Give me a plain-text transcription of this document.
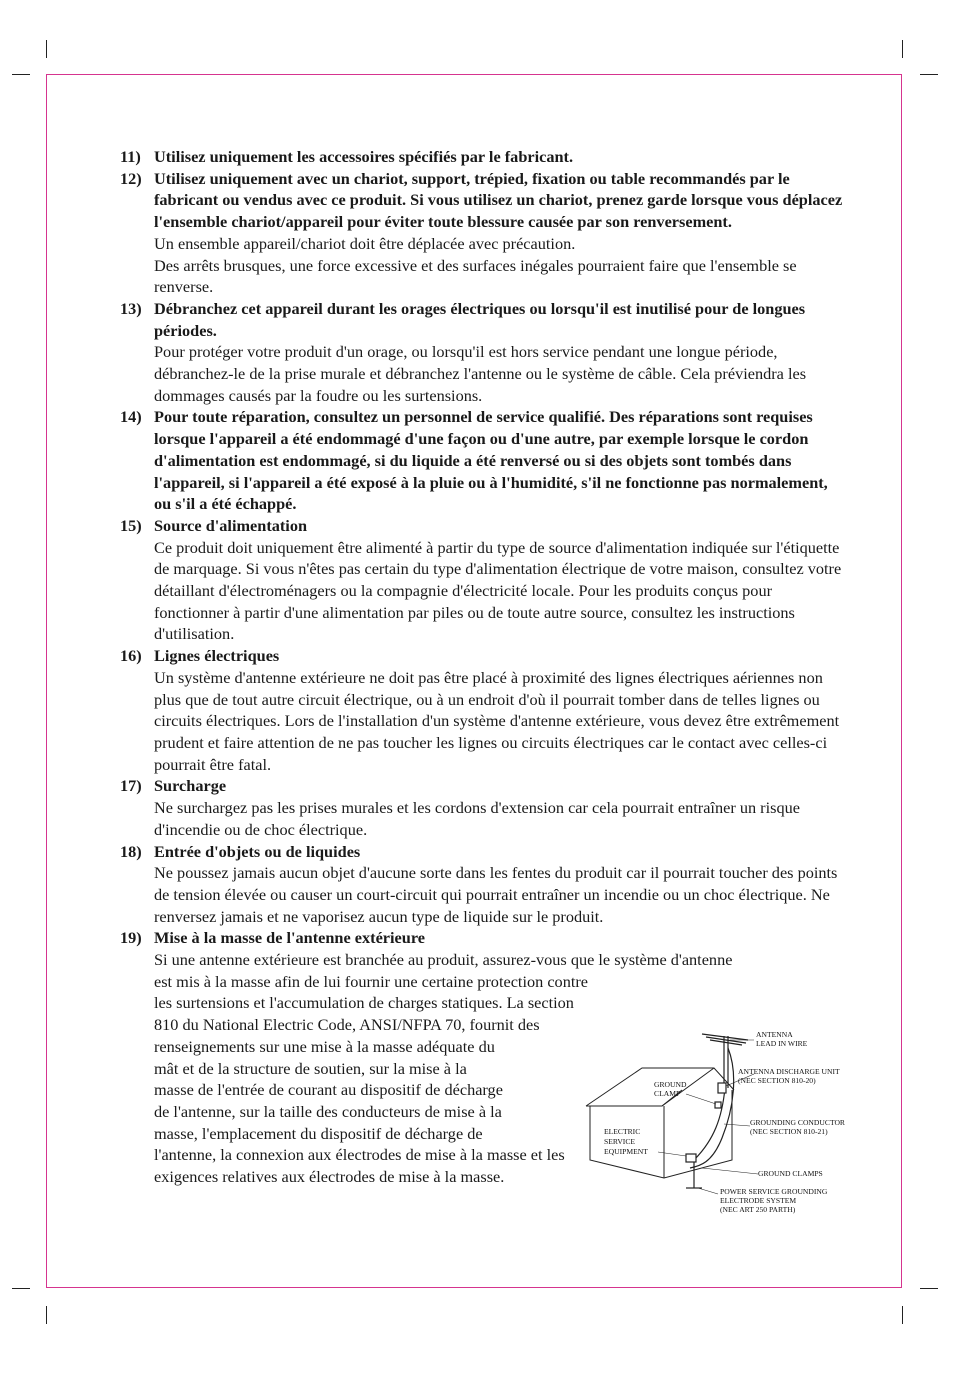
11) Utilisez uniquement les accessoires spécifiés par le fabricant.
12) Utilisez uniquement avec un chariot, support, trépied, fixation ou table recommandés par le fabricant ou vendus avec ce produit. Si vous utilisez un chariot, prenez garde lorsque vous déplacez l'ensemble chariot/appareil pour éviter toute blessure causée par son renversement.
Un ensemble appareil/chariot doit être déplacée avec précaution.
Des arrêts brusques, une force excessive et des surfaces inégales pourraient faire que l'ensemble se renverse.
13) Débranchez cet appareil durant les orages électriques ou lorsqu'il est inutilisé pour de longues périodes.
Pour protéger votre produit d'un orage, ou lorsqu'il est hors service pendant une longue période, débranchez-le de la prise murale et débranchez l'antenne ou le système de câble. Cela préviendra les dommages causés par la foudre ou les surtensions.
14) Pour toute réparation, consultez un personnel de service qualifié. Des réparations sont requises lorsque l'appareil a été endommagé d'une façon ou d'une autre, par exemple lorsque le cordon d'alimentation est endommagé, si du liquide a été renversé ou si des objets sont tombés dans l'appareil, si l'appareil a été exposé à la pluie ou à l'humidité, s'il ne fonctionne pas normalement, ou s'il a été échappé.
15) Source d'alimentation
Ce produit doit uniquement être alimenté à partir du type de source d'alimentation indiquée sur l'étiquette de marquage. Si vous n'êtes pas certain du type d'alimentation électrique de votre maison, consultez votre détaillant d'électroménagers ou la compagnie d'électricité locale. Pour les produits conçus pour fonctionner à partir d'une alimentation par piles ou de toute autre source, consultez les instructions d'utilisation.
16) Lignes électriques
Un système d'antenne extérieure ne doit pas être placé à proximité des lignes électriques aériennes non plus que de tout autre circuit électrique, ou à un endroit d'où il pourrait tomber dans de telles lignes ou circuits électriques. Lors de l'installation d'un système d'antenne extérieure, vous devez être extrêmement prudent et faire attention de ne pas toucher les lignes ou circuits électriques car le contact avec celles-ci pourrait être fatal.
17) Surcharge
Ne surchargez pas les prises murales et les cordons d'extension car cela pourrait entraîner un risque d'incendie ou de choc électrique.
18) Entrée d'objets ou de liquides
Ne poussez jamais aucun objet d'aucune sorte dans les fentes du produit car il pourrait toucher des points de tension élevée ou causer un court-circuit qui pourrait entraîner un incendie ou un choc électrique. Ne renversez jamais et ne vaporisez aucun type de liquide sur le produit.
19) Mise à la masse de l'antenne extérieure
Si une antenne extérieure est branchée au produit, assurez-vous que le système d'antenne
est mis à la masse afin de lui fournir une certaine protection contre
les surtensions et l'accumulation de charges statiques. La section
810 du National Electric Code, ANSI/NFPA 70, fournit des
renseignements sur une mise à la masse adéquate du
mât et de la structure de soutien, sur la mise à la
masse de l'entrée de courant au dispositif de décharge
de l'antenne, sur la taille des conducteurs de mise à la
masse, l'emplacement du dispositif de décharge de
l'antenne, la connexion aux électrodes de mise à la masse et les
exigences relatives aux électrodes de mise à la masse.
ANTENNA
LEAD IN WIRE
ANTENNA DISCHARGE UNIT
(NEC SECTION 810-20)
GROUND
CLAMP
GROUNDING CONDUCTOR
(NEC SECTION 810-21)
ELECTRIC
SERVICE
EQUIPMENT
GROUND CLAMPS
POWER SERVICE GROUNDING
ELECTRODE SYSTEM
(NEC ART 250 PARTH)
